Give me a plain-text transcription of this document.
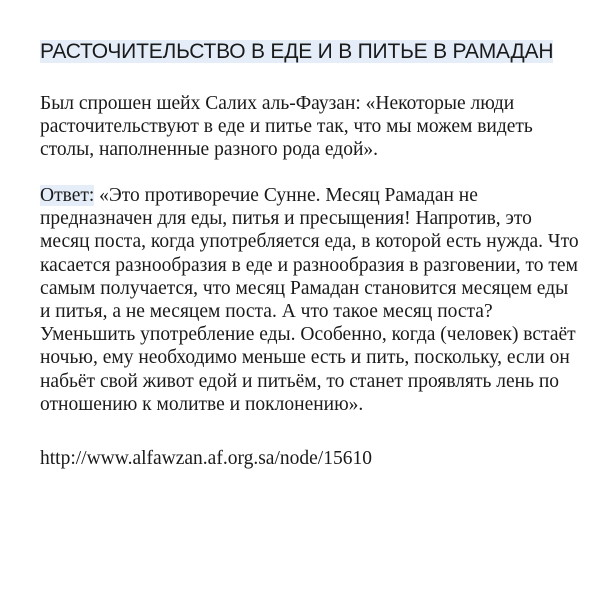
РАСТОЧИТЕЛЬСТВО В ЕДЕ И В ПИТЬЕ В РАМАДАН

Был спрошен шейх Салих аль-Фаузан: «Некоторые люди расточительствуют в еде и питье так, что мы можем видеть столы, наполненные разного рода едой».

Ответ: «Это противоречие Сунне. Месяц Рамадан не предназначен для еды, питья и пресыщения! Напротив, это месяц поста, когда употребляется еда, в которой есть нужда. Что касается разнообразия в еде и разнообразия в разговении, то тем самым получается, что месяц Рамадан становится месяцем еды и питья, а не месяцем поста. А что такое месяц поста? Уменьшить употребление еды. Особенно, когда (человек) встаёт ночью, ему необходимо меньше есть и пить, поскольку, если он набьёт свой живот едой и питьём, то станет проявлять лень по отношению к молитве и поклонению».

http://www.alfawzan.af.org.sa/node/15610
